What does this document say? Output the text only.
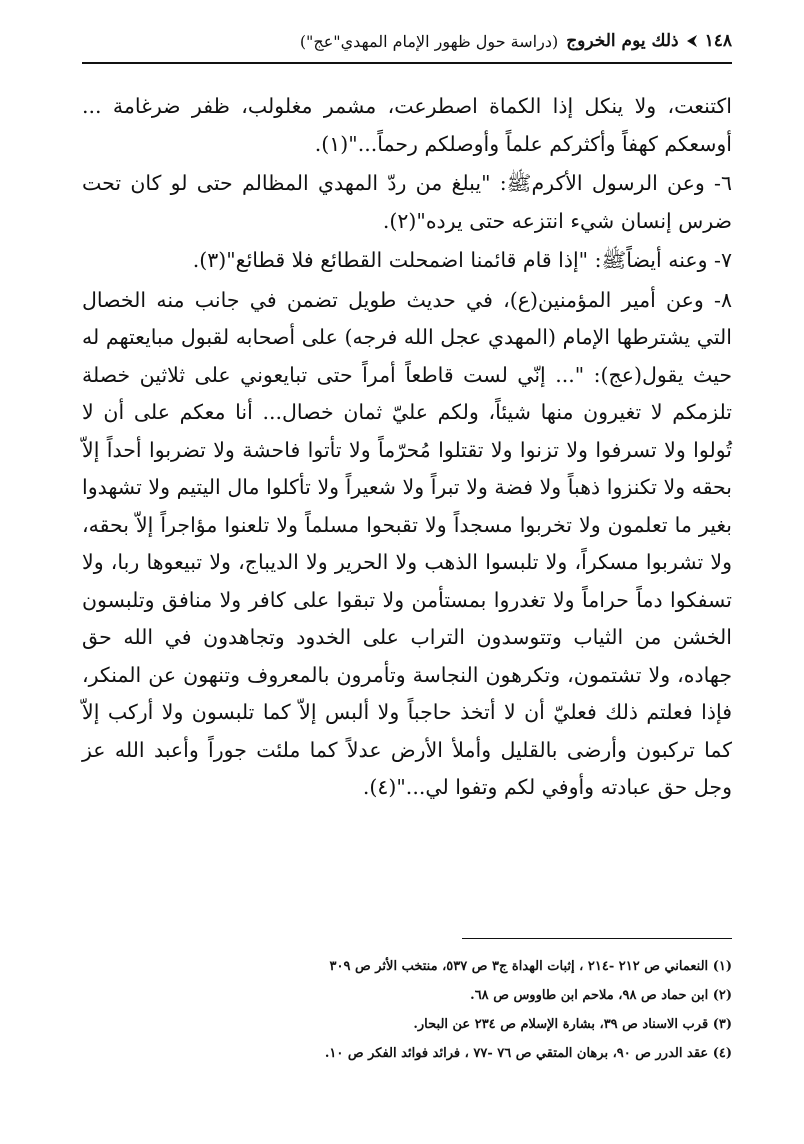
١٤٨
ذلك يوم الخروج
(دراسة حول ظهور الإمام المهدي"عج")

اكتنعت، ولا ينكل إذا الكماة اصطرعت، مشمر مغلولب، ظفر ضرغامة ... أوسعكم كهفاً وأكثركم علماً وأوصلكم رحماً..."(١).

٦- وعن الرسول الأكرمﷺ: "يبلغ من ردّ المهدي المظالم حتى لو كان تحت ضرس إنسان شيء انتزعه حتى يرده"(٢).

٧- وعنه أيضاًﷺ: "إذا قام قائمنا اضمحلت القطائع فلا قطائع"(٣).

٨- وعن أمير المؤمنين(ع)، في حديث طويل تضمن في جانب منه الخصال التي يشترطها الإمام (المهدي عجل الله فرجه) على أصحابه لقبول مبايعتهم له حيث يقول(عج): "... إنّي لست قاطعاً أمراً حتى تبايعوني على ثلاثين خصلة تلزمكم لا تغيرون منها شيئاً، ولكم عليّ ثمان خصال... أنا معكم على أن لا تُولوا ولا تسرفوا ولا تزنوا ولا تقتلوا مُحرّماً ولا تأتوا فاحشة ولا تضربوا أحداً إلاّ بحقه ولا تكنزوا ذهباً ولا فضة ولا تبراً ولا شعيراً ولا تأكلوا مال اليتيم ولا تشهدوا بغير ما تعلمون ولا تخربوا مسجداً ولا تقبحوا مسلماً ولا تلعنوا مؤاجراً إلاّ بحقه، ولا تشربوا مسكراً، ولا تلبسوا الذهب ولا الحرير ولا الديباج، ولا تبيعوها ربا، ولا تسفكوا دماً حراماً ولا تغدروا بمستأمن ولا تبقوا على كافر ولا منافق وتلبسون الخشن من الثياب وتتوسدون التراب على الخدود وتجاهدون في الله حق جهاده، ولا تشتمون، وتكرهون النجاسة وتأمرون بالمعروف وتنهون عن المنكر، فإذا فعلتم ذلك فعليّ أن لا أتخذ حاجباً ولا ألبس إلاّ كما تلبسون ولا أركب إلاّ كما تركبون وأرضى بالقليل وأملأ الأرض عدلاً كما ملئت جوراً وأعبد الله عز وجل حق عبادته وأوفي لكم وتفوا لي..."(٤).

(١) النعماني ص ٢١٢ -٢١٤ ، إثبات الهداة ج٣ ص ٥٣٧، منتخب الأثر ص ٣٠٩
(٢) ابن حماد ص ٩٨، ملاحم ابن طاووس ص ٦٨.
(٣) قرب الاسناد ص ٣٩، بشارة الإسلام ص ٢٣٤ عن البحار.
(٤) عقد الدرر ص ٩٠، برهان المتقي ص ٧٦ -٧٧ ، فرائد فوائد الفكر ص ١٠.
